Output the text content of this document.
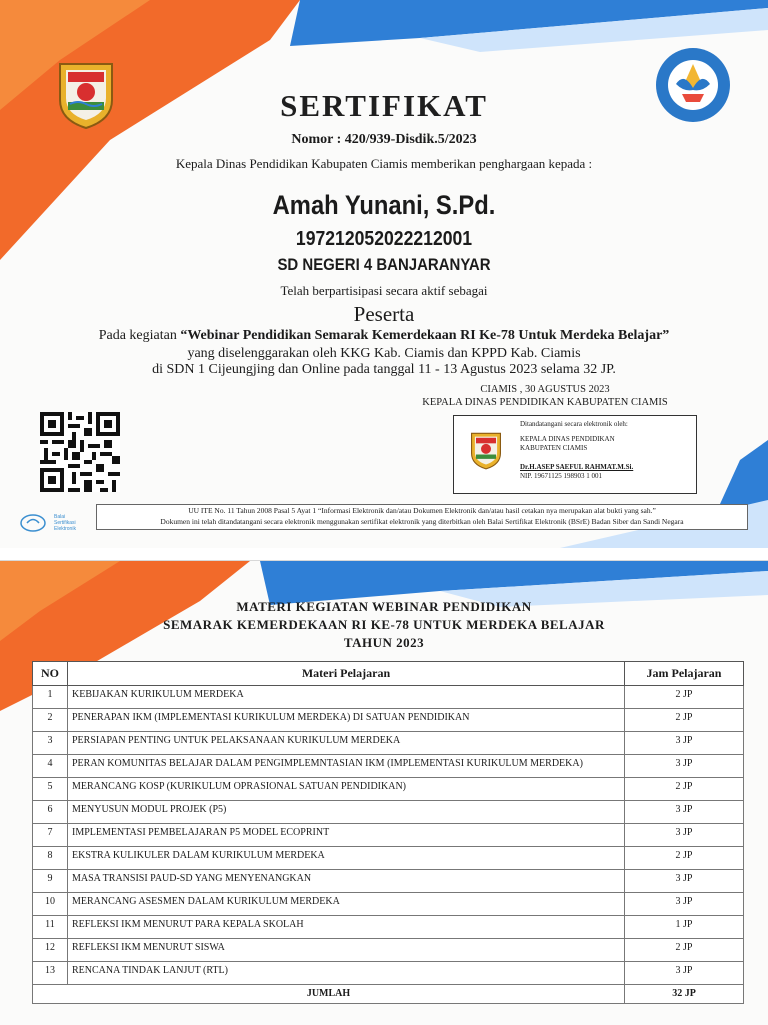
SERTIFIKAT
Nomor : 420/939-Disdik.5/2023
Kepala Dinas Pendidikan Kabupaten Ciamis memberikan penghargaan kepada :
Amah Yunani, S.Pd.
197212052022212001
SD NEGERI 4 BANJARANYAR
Telah berpartisipasi secara aktif sebagai
Peserta
Pada kegiatan “Webinar Pendidikan Semarak Kemerdekaan RI Ke-78 Untuk Merdeka Belajar”
yang diselenggarakan oleh KKG Kab. Ciamis dan KPPD Kab. Ciamis
di SDN 1 Cijeungjing dan Online pada tanggal 11 - 13 Agustus 2023 selama 32 JP.
CIAMIS , 30 AGUSTUS 2023
KEPALA DINAS PENDIDIKAN KABUPATEN CIAMIS

Ditandatangani secara elektronik oleh:

KEPALA DINAS PENDIDIKAN
KABUPATEN CIAMIS

Dr.H.ASEP SAEFUL RAHMAT.M.Si.

NIP. 19671125 198903 1 001

Balai
Sertifikasi
Elektronik
UU ITE No. 11 Tahun 2008 Pasal 5 Ayat 1 “Informasi Elektronik dan/atau Dokumen Elektronik dan/atau hasil cetakan nya merupakan alat bukti yang sah.”
Dokumen ini telah ditandatangani secara elektronik menggunakan sertifikat elektronik yang diterbitkan oleh Balai Sertifikat Elektronik (BSrE) Badan Siber dan Sandi Negara
MATERI KEGIATAN WEBINAR PENDIDIKAN
SEMARAK KEMERDEKAAN RI KE-78 UNTUK MERDEKA BELAJAR
TAHUN 2023
NO	Materi Pelajaran	Jam Pelajaran
1	KEBIJAKAN KURIKULUM MERDEKA	2 JP
2	PENERAPAN IKM (IMPLEMENTASI KURIKULUM MERDEKA) DI SATUAN PENDIDIKAN	2 JP
3	PERSIAPAN PENTING UNTUK PELAKSANAAN KURIKULUM MERDEKA	3 JP
4	PERAN KOMUNITAS BELAJAR DALAM PENGIMPLEMNTASIAN IKM (IMPLEMENTASI KURIKULUM MERDEKA)	3 JP
5	MERANCANG KOSP (KURIKULUM OPRASIONAL SATUAN PENDIDIKAN)	2 JP
6	MENYUSUN MODUL PROJEK (P5)	3 JP
7	IMPLEMENTASI PEMBELAJARAN P5 MODEL ECOPRINT	3 JP
8	EKSTRA KULIKULER DALAM KURIKULUM MERDEKA	2 JP
9	MASA TRANSISI PAUD-SD YANG MENYENANGKAN	3 JP
10	MERANCANG ASESMEN DALAM KURIKULUM MERDEKA	3 JP
11	REFLEKSI IKM MENURUT PARA KEPALA SKOLAH	1 JP
12	REFLEKSI IKM MENURUT SISWA	2 JP
13	RENCANA TINDAK LANJUT (RTL)	3 JP
JUMLAH		32 JP
